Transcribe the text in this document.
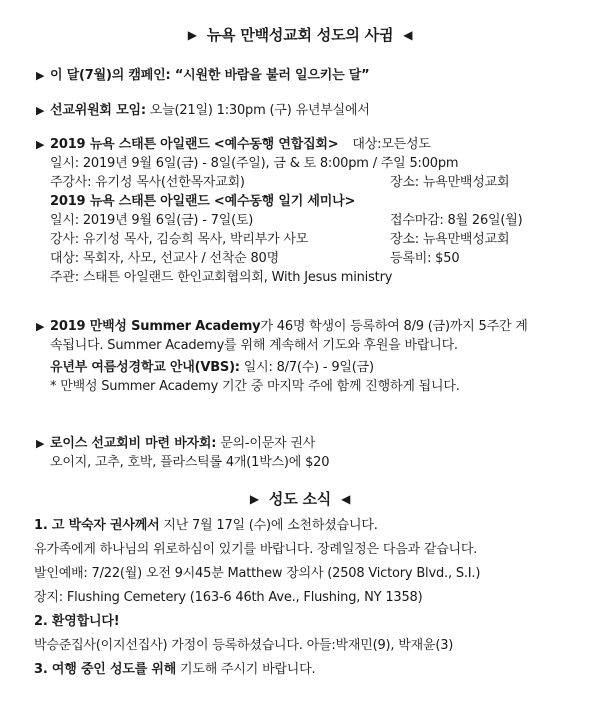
▶ 뉴욕 만백성교회 성도의 사귐 ◀
▶ 이 달(7월)의 캠페인: “시원한 바람을 불러 일으키는 달”
▶ 선교위원회 모임: 오늘(21일) 1:30pm (구) 유년부실에서
▶ 2019 뉴욕 스태튼 아일랜드 <예수동행 연합집회> 대상:모든성도
일시: 2019년 9월 6일(금) - 8일(주일), 금 & 토 8:00pm / 주일 5:00pm
주강사: 유기성 목사(선한목자교회)	장소: 뉴욕만백성교회
2019 뉴욕 스태튼 아일랜드 <예수동행 일기 세미나>
일시: 2019년 9월 6일(금) - 7일(토)	접수마감: 8월 26일(월)
강사: 유기성 목사, 김승희 목사, 박리부가 사모	장소: 뉴욕만백성교회
대상: 목회자, 사모, 선교사 / 선착순 80명	등록비: $50
주관: 스태튼 아일랜드 한인교회협의회, With Jesus ministry
▶ 2019 만백성 Summer Academy가 46명 학생이 등록하여 8/9 (금)까지 5주간 계속됩니다. Summer Academy를 위해 계속해서 기도와 후원을 바랍니다.
유년부 여름성경학교 안내(VBS): 일시: 8/7(수) - 9일(금)
* 만백성 Summer Academy 기간 중 마지막 주에 함께 진행하게 됩니다.
▶ 로이스 선교회비 마련 바자회: 문의-이문자 권사
오이지, 고추, 호박, 플라스틱롤 4개(1박스)에 $20
▶ 성도 소식 ◀
1. 고 박숙자 권사께서 지난 7월 17일 (수)에 소천하셨습니다.
유가족에게 하나님의 위로하심이 있기를 바랍니다. 장례일정은 다음과 같습니다.
발인예배: 7/22(월) 오전 9시45분 Matthew 장의사 (2508 Victory Blvd., S.I.)
장지: Flushing Cemetery (163-6 46th Ave., Flushing, NY 1358)
2. 환영합니다!
박승준집사(이지선집사) 가정이 등록하셨습니다. 아들:박재민(9), 박재윤(3)
3. 여행 중인 성도를 위해 기도해 주시기 바랍니다.
